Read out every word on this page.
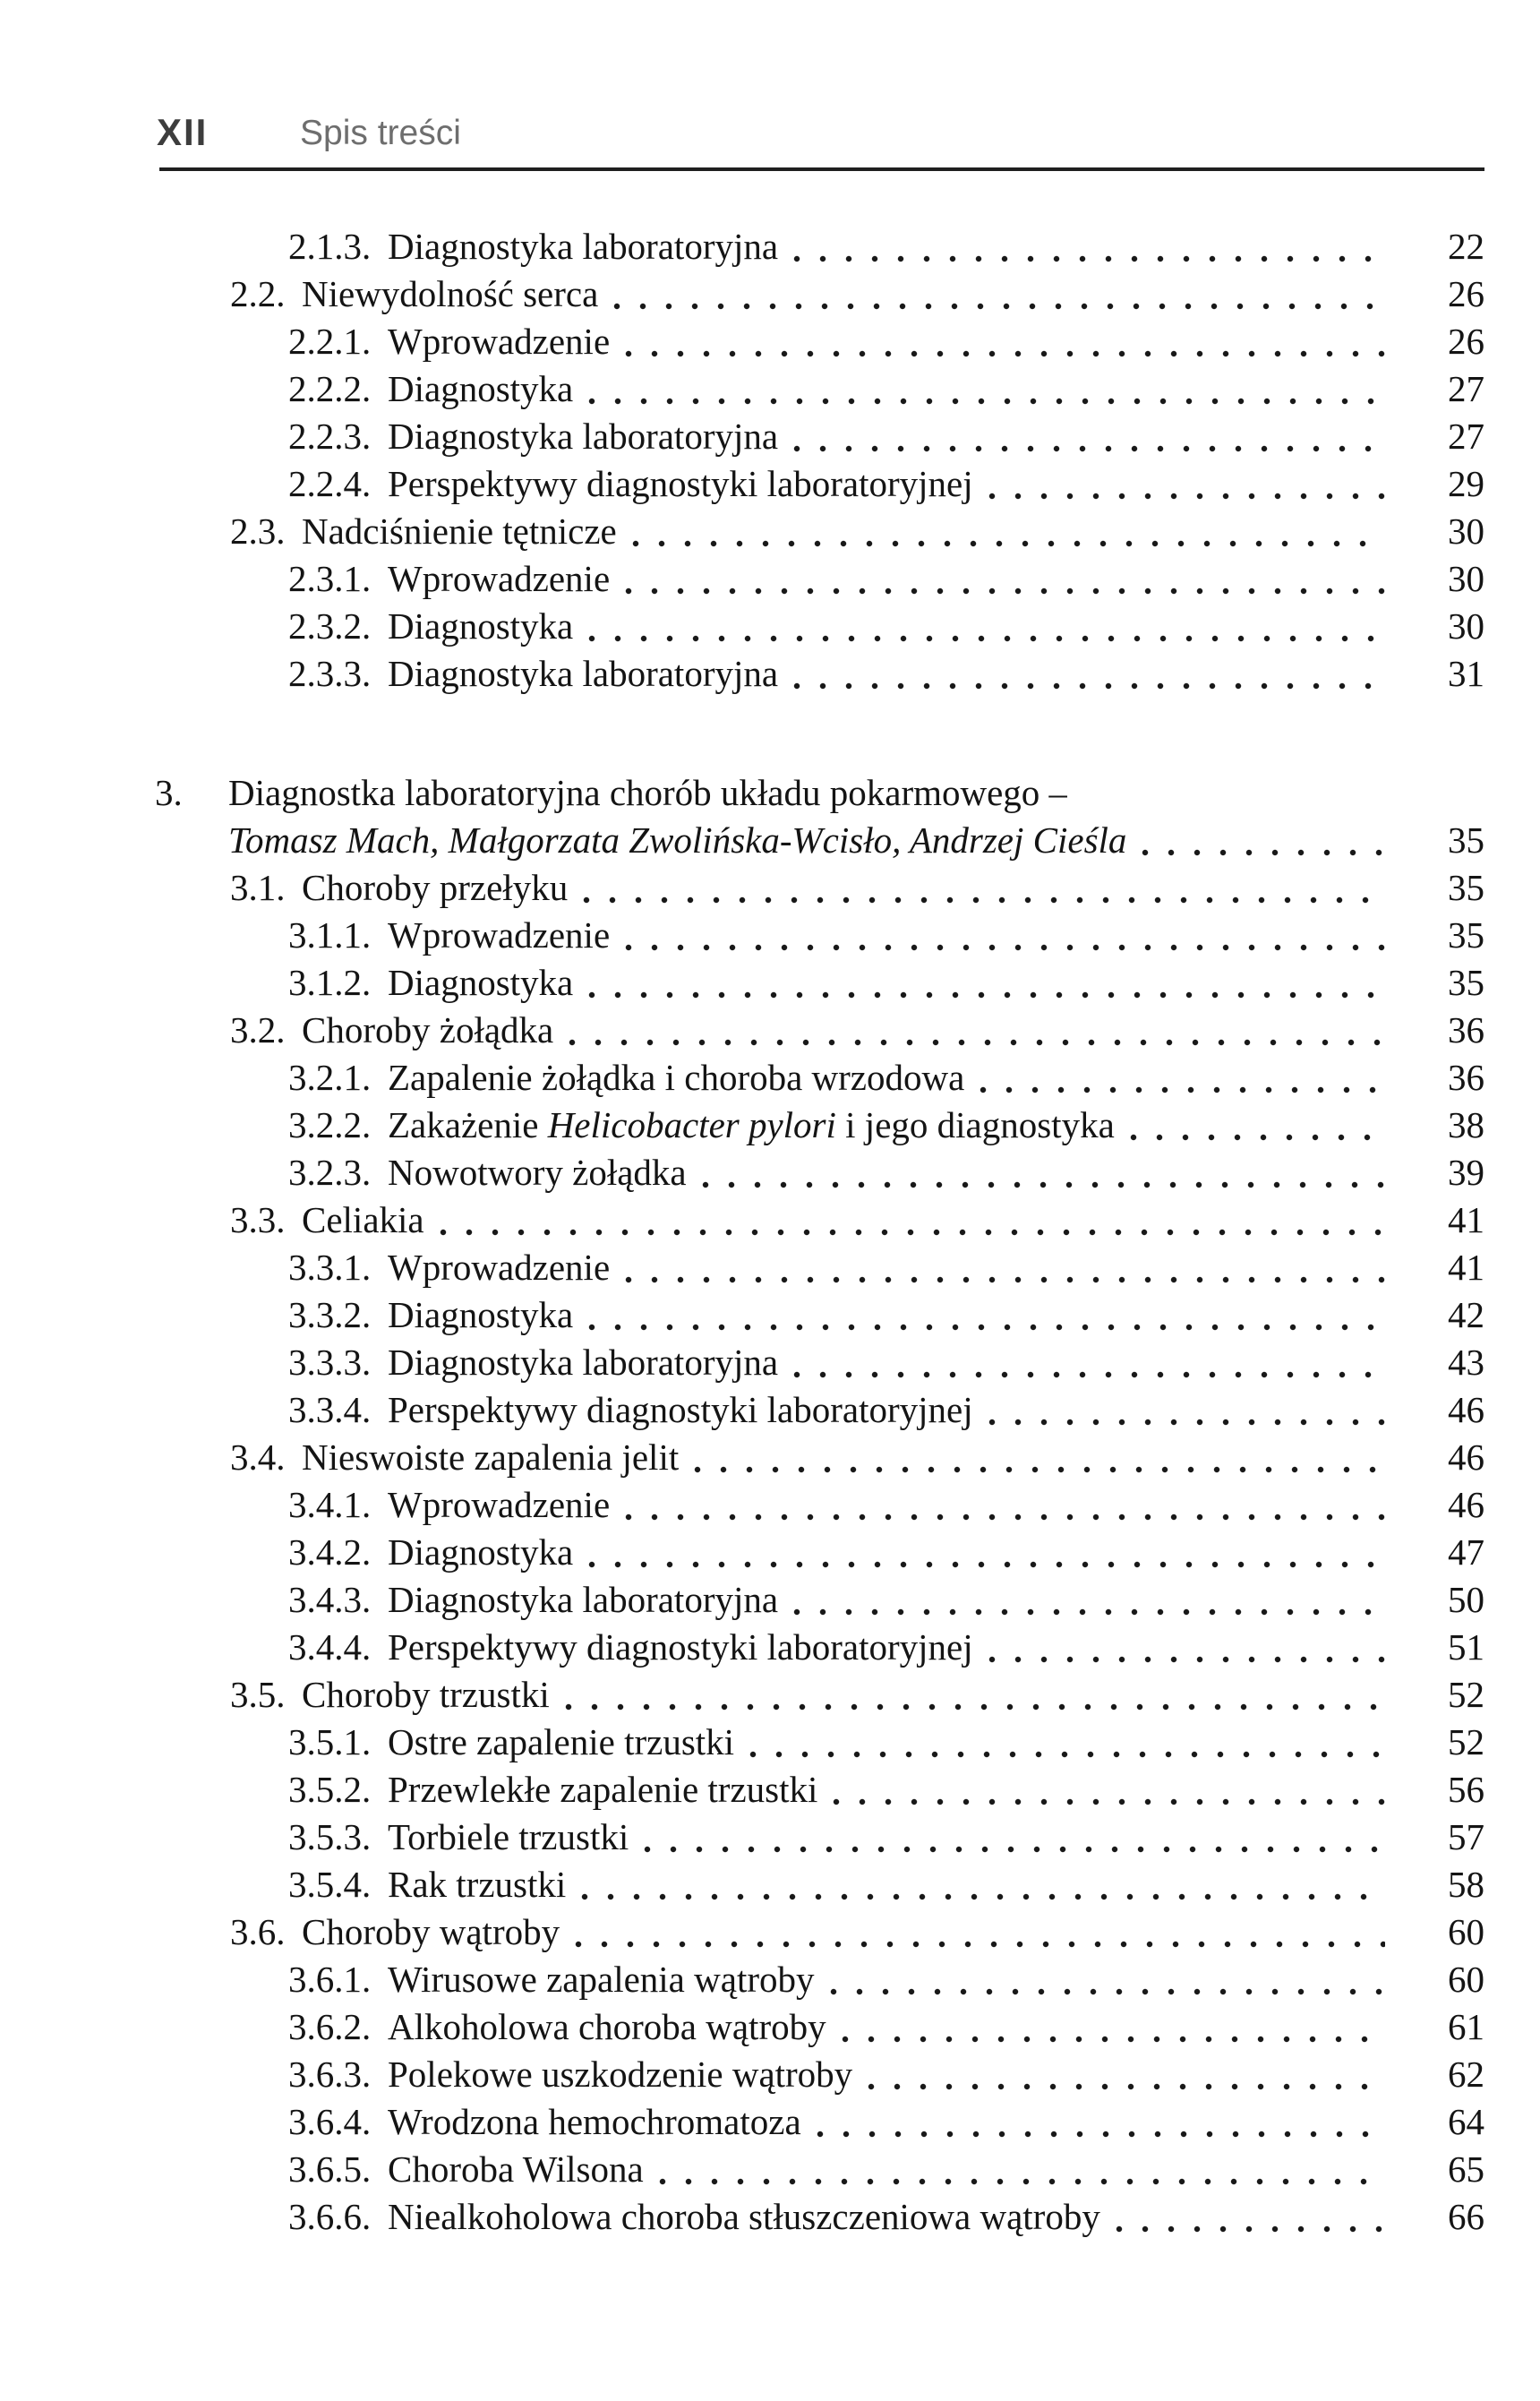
XII	Spis treści
2.1.3. Diagnostyka laboratoryjna	22
2.2. Niewydolność serca	26
2.2.1. Wprowadzenie	26
2.2.2. Diagnostyka	27
2.2.3. Diagnostyka laboratoryjna	27
2.2.4. Perspektywy diagnostyki laboratoryjnej	29
2.3. Nadciśnienie tętnicze	30
2.3.1. Wprowadzenie	30
2.3.2. Diagnostyka	30
2.3.3. Diagnostyka laboratoryjna	31
3.	Diagnostka laboratoryjna chorób układu pokarmowego –
Tomasz Mach, Małgorzata Zwolińska-Wcisło, Andrzej Cieśla	35
3.1. Choroby przełyku	35
3.1.1. Wprowadzenie	35
3.1.2. Diagnostyka	35
3.2. Choroby żołądka	36
3.2.1. Zapalenie żołądka i choroba wrzodowa	36
3.2.2. Zakażenie Helicobacter pylori i jego diagnostyka	38
3.2.3. Nowotwory żołądka	39
3.3. Celiakia	41
3.3.1. Wprowadzenie	41
3.3.2. Diagnostyka	42
3.3.3. Diagnostyka laboratoryjna	43
3.3.4. Perspektywy diagnostyki laboratoryjnej	46
3.4. Nieswoiste zapalenia jelit	46
3.4.1. Wprowadzenie	46
3.4.2. Diagnostyka	47
3.4.3. Diagnostyka laboratoryjna	50
3.4.4. Perspektywy diagnostyki laboratoryjnej	51
3.5. Choroby trzustki	52
3.5.1. Ostre zapalenie trzustki	52
3.5.2. Przewlekłe zapalenie trzustki	56
3.5.3. Torbiele trzustki	57
3.5.4. Rak trzustki	58
3.6. Choroby wątroby	60
3.6.1. Wirusowe zapalenia wątroby	60
3.6.2. Alkoholowa choroba wątroby	61
3.6.3. Polekowe uszkodzenie wątroby	62
3.6.4. Wrodzona hemochromatoza	64
3.6.5. Choroba Wilsona	65
3.6.6. Niealkoholowa choroba stłuszczeniowa wątroby	66
